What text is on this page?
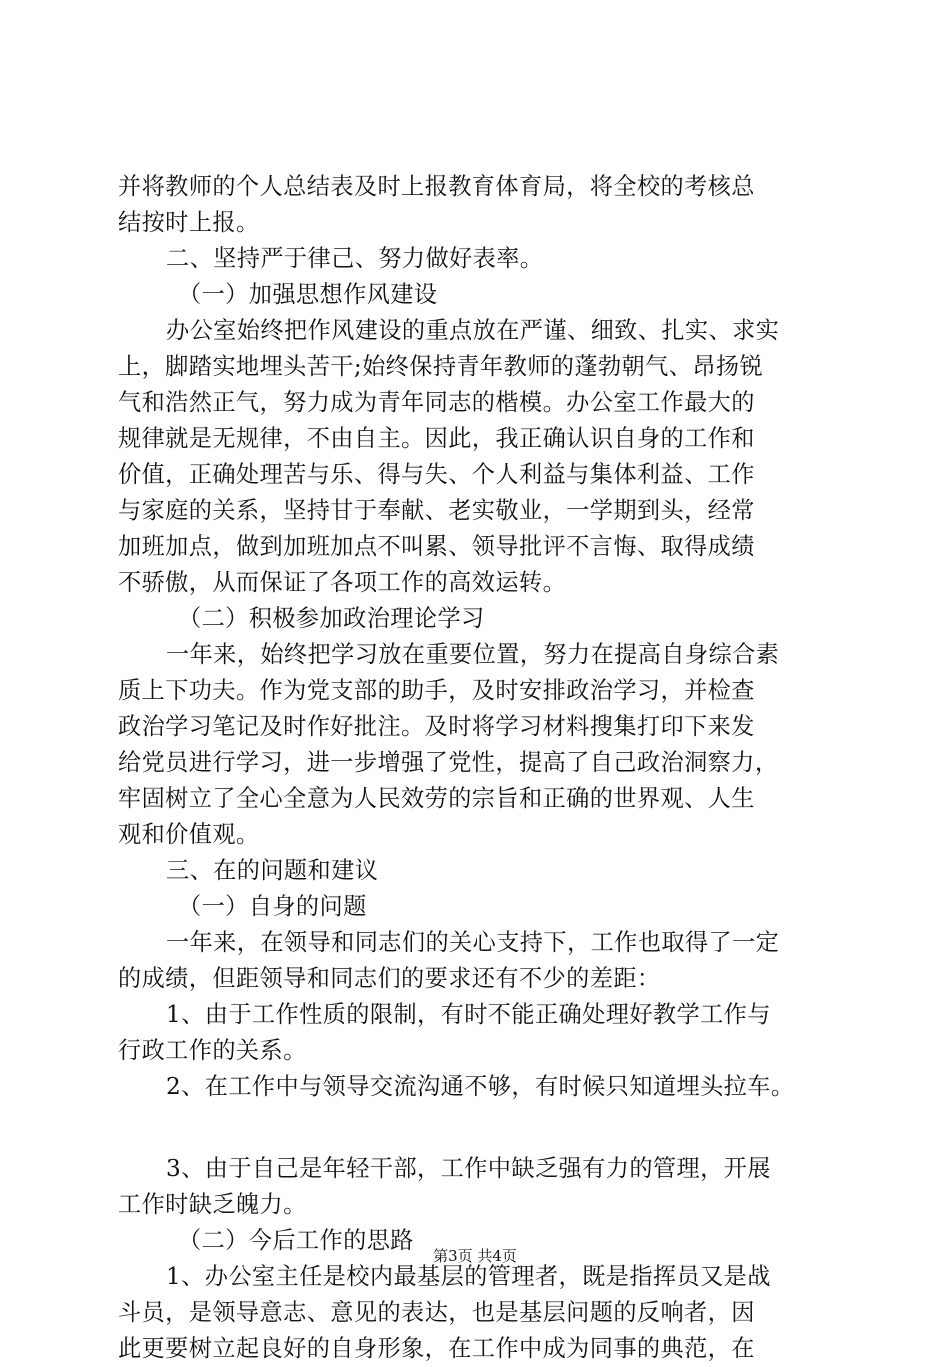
并将教师的个人总结表及时上报教育体育局，将全校的考核总
结按时上报。
二、坚持严于律己、努力做好表率。
（一）加强思想作风建设
办公室始终把作风建设的重点放在严谨、细致、扎实、求实
上，脚踏实地埋头苦干;始终保持青年教师的蓬勃朝气、昂扬锐
气和浩然正气，努力成为青年同志的楷模。办公室工作最大的
规律就是无规律，不由自主。因此，我正确认识自身的工作和
价值，正确处理苦与乐、得与失、个人利益与集体利益、工作
与家庭的关系，坚持甘于奉献、老实敬业，一学期到头，经常
加班加点，做到加班加点不叫累、领导批评不言悔、取得成绩
不骄傲，从而保证了各项工作的高效运转。
（二）积极参加政治理论学习
一年来，始终把学习放在重要位置，努力在提高自身综合素
质上下功夫。作为党支部的助手，及时安排政治学习，并检查
政治学习笔记及时作好批注。及时将学习材料搜集打印下来发
给党员进行学习，进一步增强了党性，提高了自己政治洞察力，
牢固树立了全心全意为人民效劳的宗旨和正确的世界观、人生
观和价值观。
三、在的问题和建议
（一）自身的问题
一年来，在领导和同志们的关心支持下，工作也取得了一定
的成绩，但距领导和同志们的要求还有不少的差距：
1、由于工作性质的限制，有时不能正确处理好教学工作与
行政工作的关系。
2、在工作中与领导交流沟通不够，有时候只知道埋头拉车。
3、由于自己是年轻干部，工作中缺乏强有力的管理，开展
工作时缺乏魄力。
（二）今后工作的思路
1、办公室主任是校内最基层的管理者，既是指挥员又是战
斗员，是领导意志、意见的表达，也是基层问题的反响者，因
此更要树立起良好的自身形象，在工作中成为同事的典范，在
第3页 共4页
